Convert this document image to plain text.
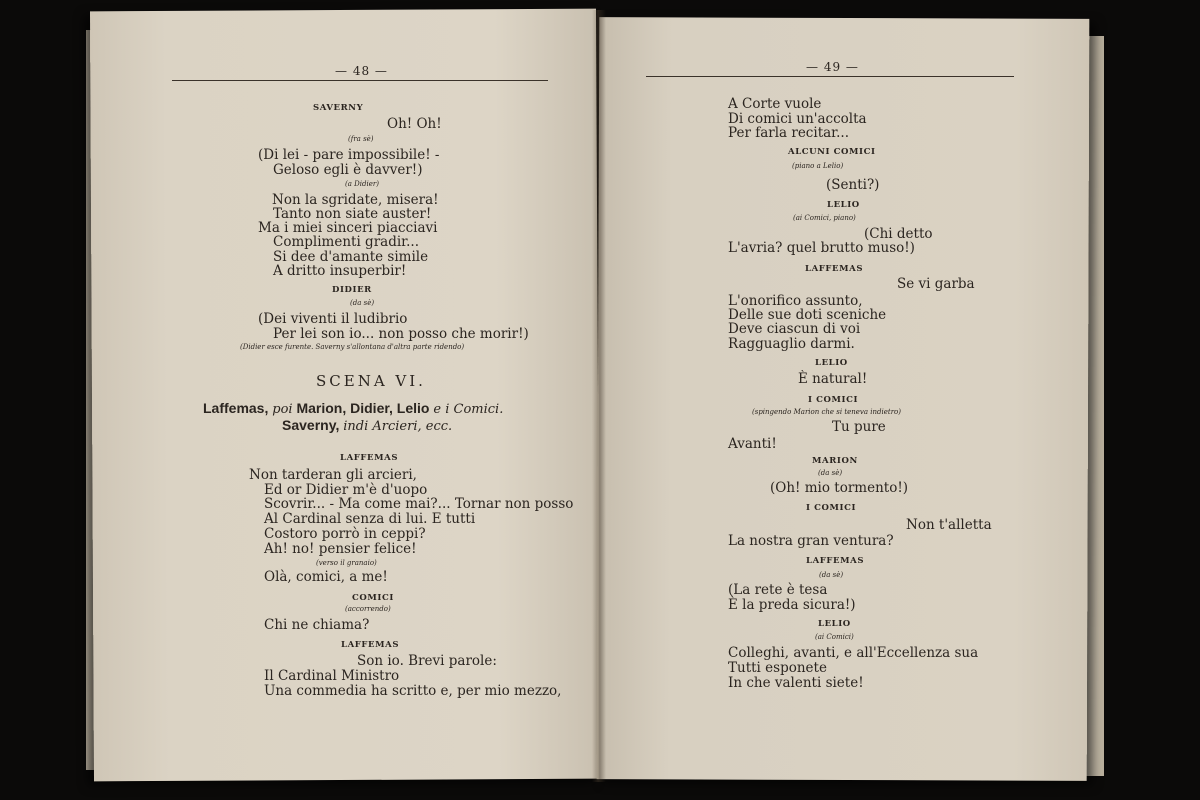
— 48 —	— 49 —
SAVERNY
Oh! Oh!
(fra sè)
(Di lei - pare impossibile! -
Geloso egli è davver!)
(a Didier)
Non la sgridate, misera!
Tanto non siate auster!
Ma i miei sinceri piacciavi
Complimenti gradir...
Si dee d'amante simile
A dritto insuperbir!
DIDIER
(da sè)
(Dei viventi il ludibrio
Per lei son io... non posso che morir!)
(Didier esce furente. Saverny s'allontana d'altra parte ridendo)
SCENA VI.
Laffemas, poi Marion, Didier, Lelio e i Comici.
Saverny, indi Arcieri, ecc.
LAFFEMAS
Non tarderan gli arcieri,
Ed or Didier m'è d'uopo
Scovrir... - Ma come mai?... Tornar non posso
Al Cardinal senza di lui. E tutti
Costoro porrò in ceppi?
Ah! no! pensier felice!
(verso il granaio)
Olà, comici, a me!
COMICI
(accorrendo)
Chi ne chiama?
LAFFEMAS
Son io. Brevi parole:
Il Cardinal Ministro
Una commedia ha scritto e, per mio mezzo,
A Corte vuole
Di comici un'accolta
Per farla recitar...
ALCUNI COMICI
(piano a Lelio)
(Senti?)
LELIO
(ai Comici, piano)
(Chi detto
L'avria? quel brutto muso!)
LAFFEMAS
Se vi garba
L'onorifico assunto,
Delle sue doti sceniche
Deve ciascun di voi
Ragguaglio darmi.
LELIO
È natural!
I COMICI
(spingendo Marion che si teneva indietro)
Tu pure
Avanti!
MARION
(da sè)
(Oh! mio tormento!)
I COMICI
Non t'alletta
La nostra gran ventura?
LAFFEMAS
(da sè)
(La rete è tesa
È la preda sicura!)
LELIO
(ai Comici)
Colleghi, avanti, e all'Eccellenza sua
Tutti esponete
In che valenti siete!
